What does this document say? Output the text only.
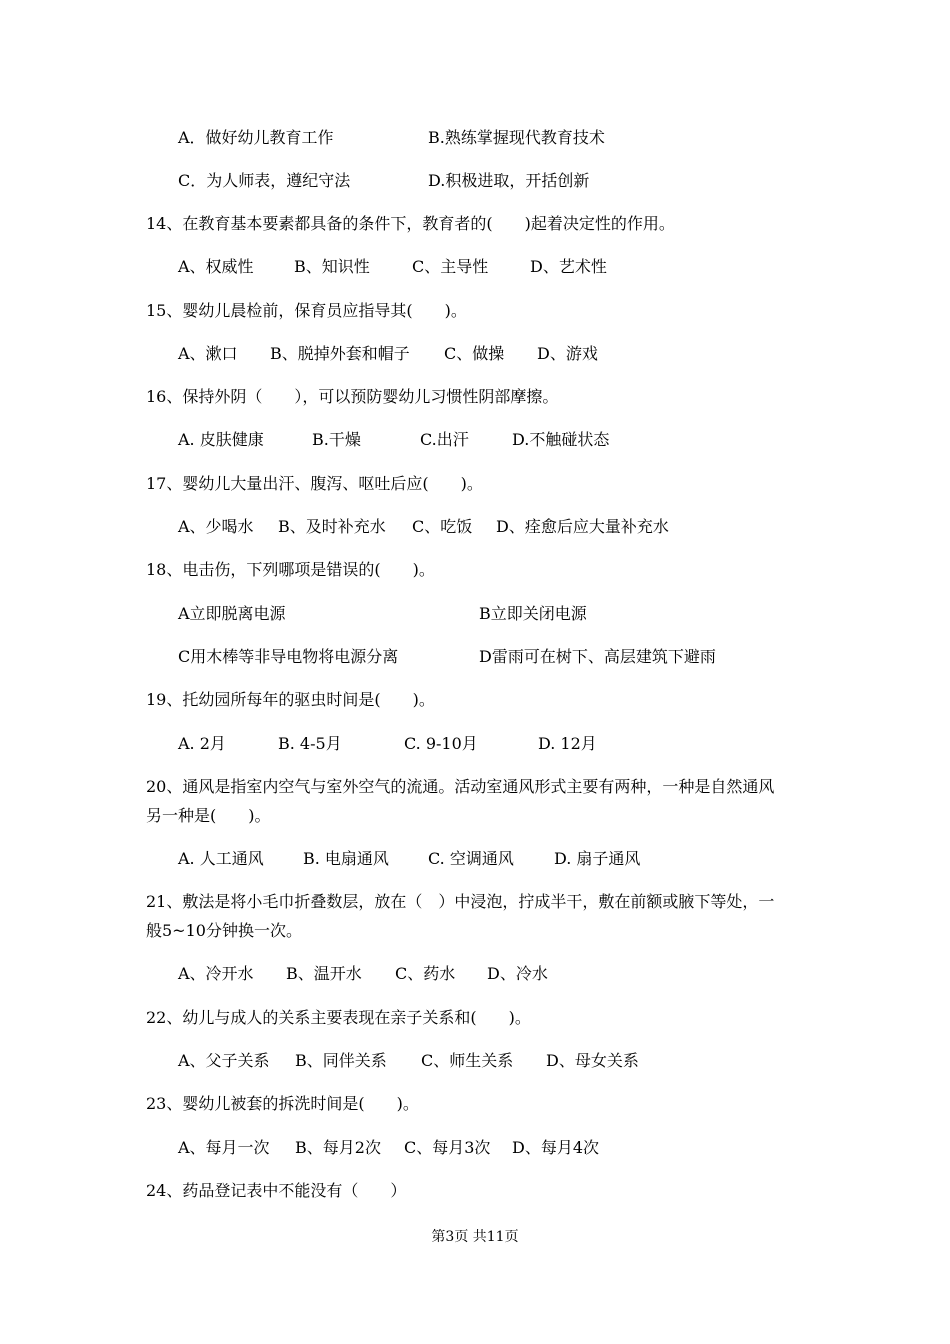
A．做好幼儿教育工作	B.熟练掌握现代教育技术
C．为人师表，遵纪守法	D.积极进取，开括创新
14、在教育基本要素都具备的条件下，教育者的(　　)起着决定性的作用。
A、权威性	B、知识性	C、主导性	D、艺术性
15、婴幼儿晨检前，保育员应指导其(　　)。
A、漱口 B、脱掉外套和帽子 C、做操 D、游戏
16、保持外阴（　　），可以预防婴幼儿习惯性阴部摩擦。
A. 皮肤健康	B.干燥	C.出汗	D.不触碰状态
17、婴幼儿大量出汗、腹泻、呕吐后应(　　)。
A、少喝水 B、及时补充水 C、吃饭 D、痊愈后应大量补充水
18、电击伤，下列哪项是错误的(　　)。
A立即脱离电源	B立即关闭电源
C用木棒等非导电物将电源分离	D雷雨可在树下、高层建筑下避雨
19、托幼园所每年的驱虫时间是(　　)。
A. 2月	B. 4-5月	C. 9-10月	D. 12月
20、通风是指室内空气与室外空气的流通。活动室通风形式主要有两种，一种是自然通风
另一种是(　　)。
A. 人工通风 B. 电扇通风 C. 空调通风	D. 扇子通风
21、敷法是将小毛巾折叠数层，放在（　）中浸泡，拧成半干，敷在前额或腋下等处，一
般5~10分钟换一次。
A、冷开水 B、温开水 C、药水 D、冷水
22、幼儿与成人的关系主要表现在亲子关系和(　　)。
A、父子关系 B、同伴关系 C、师生关系 D、母女关系
23、婴幼儿被套的拆洗时间是(　　)。
A、每月一次 B、每月2次 C、每月3次 D、每月4次
24、药品登记表中不能没有（　　）
第3页 共11页
